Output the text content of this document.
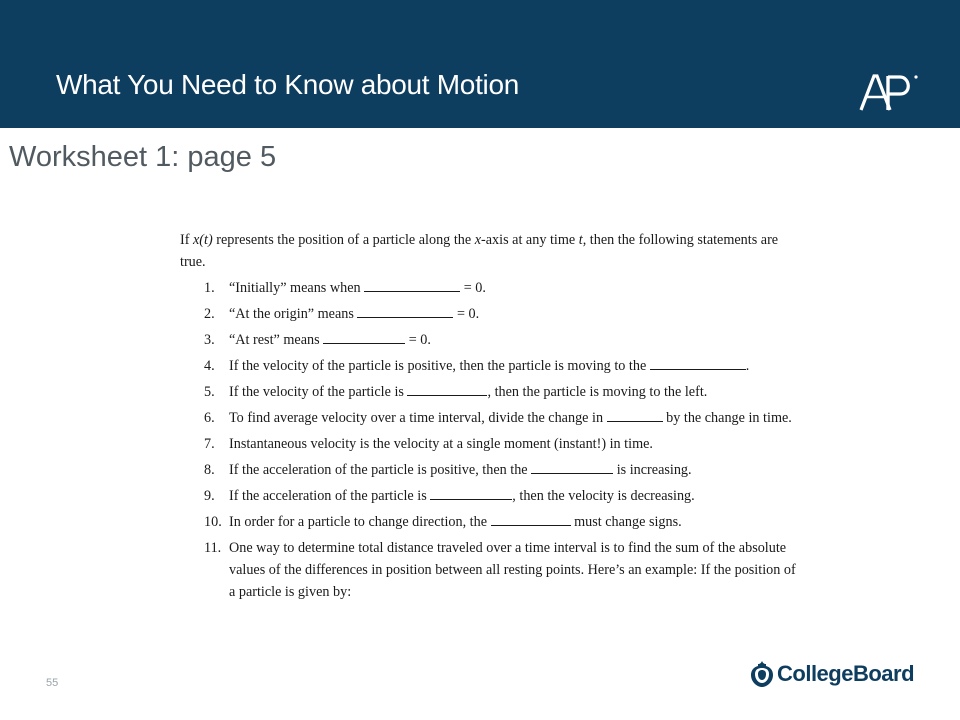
What You Need to Know about Motion
Worksheet 1: page 5
If x(t) represents the position of a particle along the x-axis at any time t, then the following statements are true.
1. “Initially” means when	= 0.
2. “At the origin” means	= 0.
3. “At rest” means	= 0.
4. If the velocity of the particle is positive, then the particle is moving to the	.
5. If the velocity of the particle is	, then the particle is moving to the left.
6. To find average velocity over a time interval, divide the change in	by the change in time.
7. Instantaneous velocity is the velocity at a single moment (instant!) in time.
8. If the acceleration of the particle is positive, then the	is increasing.
9. If the acceleration of the particle is	, then the velocity is decreasing.
10. In order for a particle to change direction, the	must change signs.
11. One way to determine total distance traveled over a time interval is to find the sum of the absolute values of the differences in position between all resting points. Here’s an example: If the position of a particle is given by:
55	CollegeBoard
